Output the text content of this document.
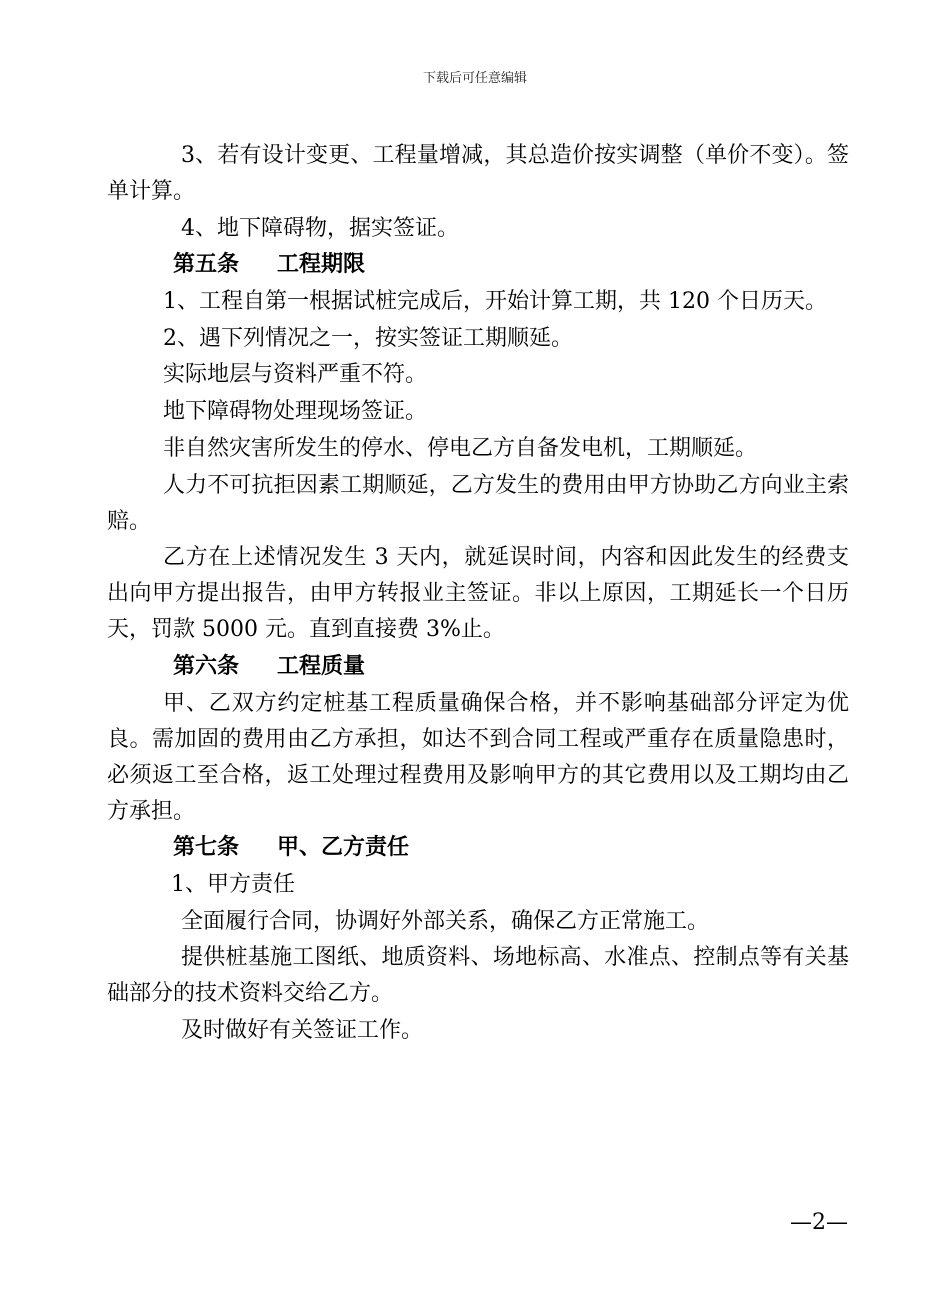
下载后可任意编辑

3、若有设计变更、工程量增减，其总造价按实调整（单价不变）。签单计算。

4、地下障碍物，据实签证。

第五条 工程期限

1、工程自第一根据试桩完成后，开始计算工期，共 120 个日历天。

2、遇下列情况之一，按实签证工期顺延。

实际地层与资料严重不符。

地下障碍物处理现场签证。

非自然灾害所发生的停水、停电乙方自备发电机，工期顺延。

人力不可抗拒因素工期顺延，乙方发生的费用由甲方协助乙方向业主索赔。

乙方在上述情况发生 3 天内，就延误时间，内容和因此发生的经费支出向甲方提出报告，由甲方转报业主签证。非以上原因，工期延长一个日历天，罚款 5000 元。直到直接费 3%止。

第六条 工程质量

甲、乙双方约定桩基工程质量确保合格，并不影响基础部分评定为优良。需加固的费用由乙方承担，如达不到合同工程或严重存在质量隐患时，必须返工至合格，返工处理过程费用及影响甲方的其它费用以及工期均由乙方承担。

第七条 甲、乙方责任

1、甲方责任

全面履行合同，协调好外部关系，确保乙方正常施工。

提供桩基施工图纸、地质资料、场地标高、水准点、控制点等有关基础部分的技术资料交给乙方。

及时做好有关签证工作。

—2—
